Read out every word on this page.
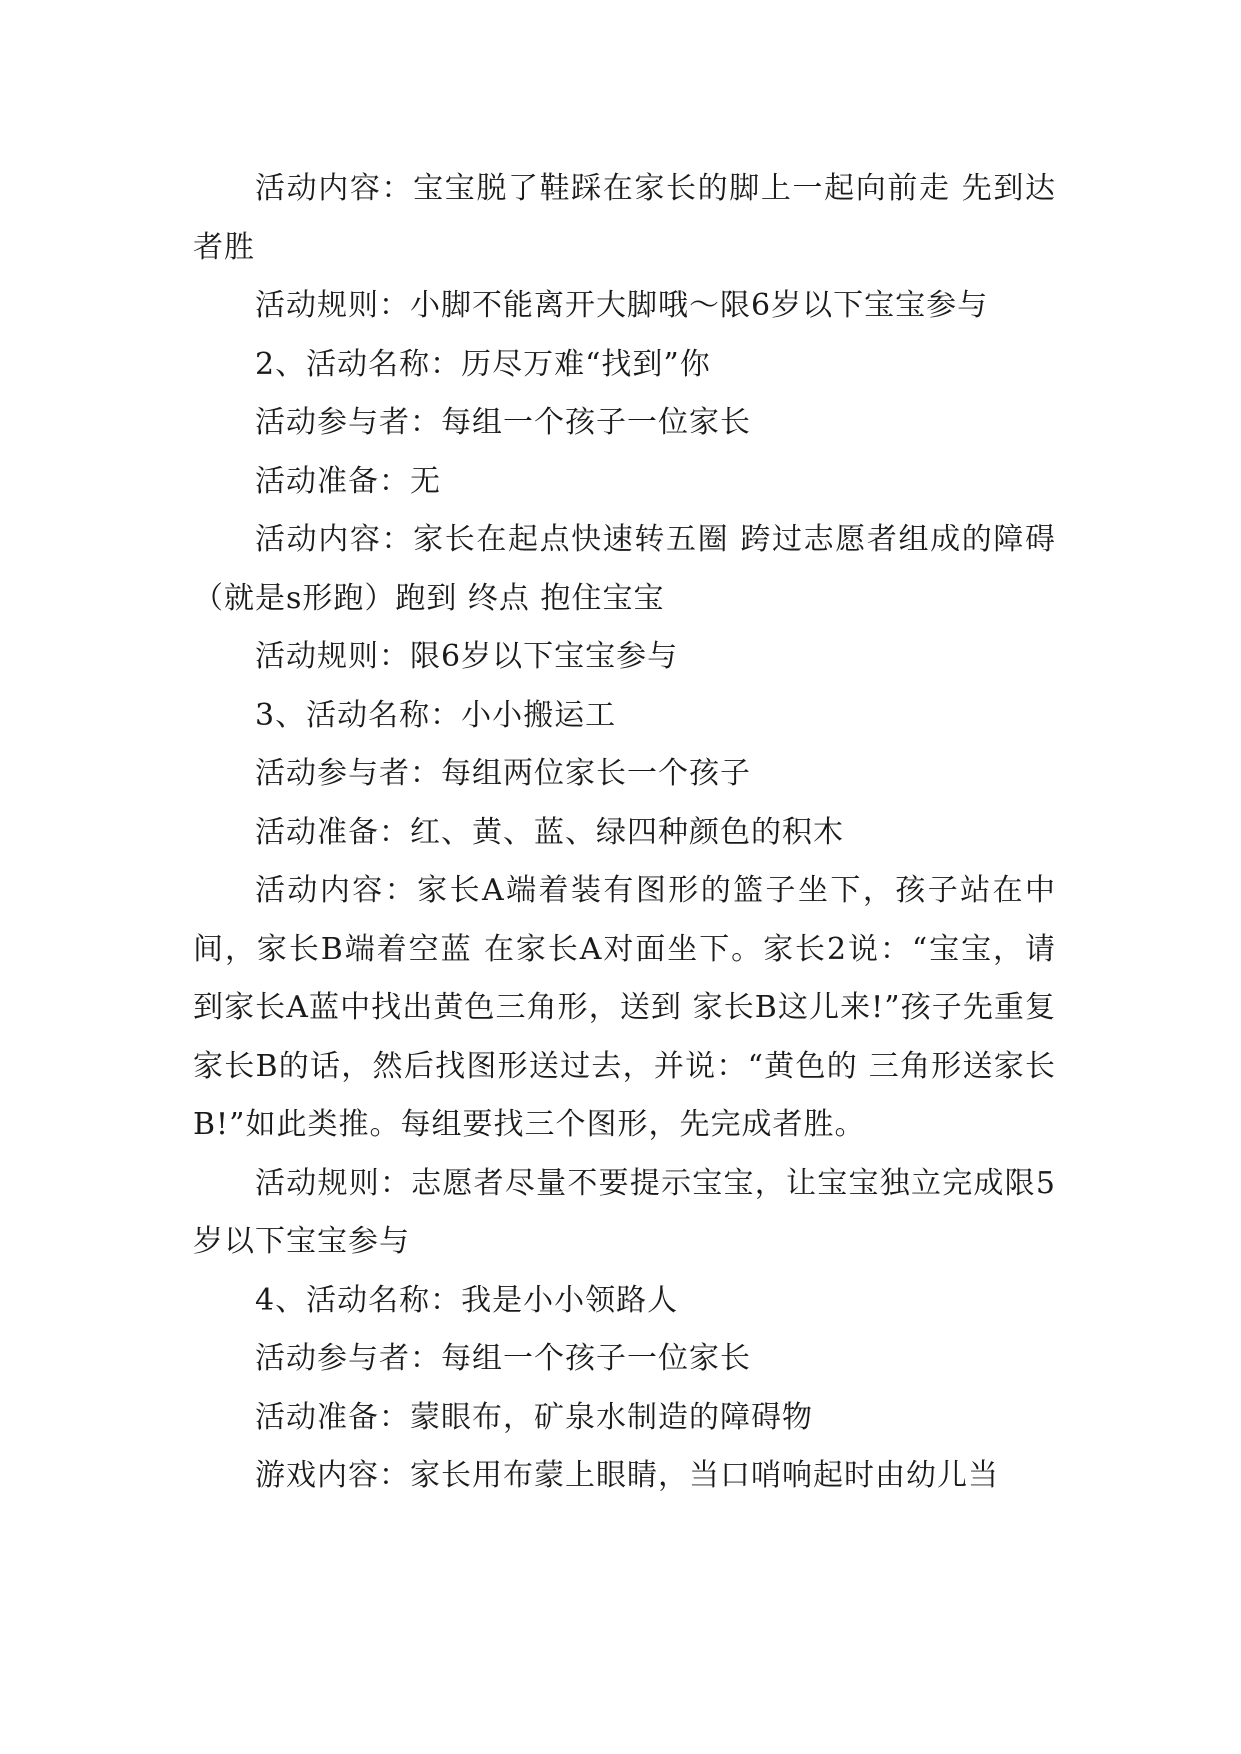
活动内容：宝宝脱了鞋踩在家长的脚上一起向前走 先到达者胜

活动规则：小脚不能离开大脚哦～限6岁以下宝宝参与

2、活动名称：历尽万难“找到”你

活动参与者：每组一个孩子一位家长

活动准备：无

活动内容：家长在起点快速转五圈 跨过志愿者组成的障碍（就是s形跑）跑到 终点 抱住宝宝

活动规则：限6岁以下宝宝参与

3、活动名称：小小搬运工

活动参与者：每组两位家长一个孩子

活动准备：红、黄、蓝、绿四种颜色的积木

活动内容：家长A端着装有图形的篮子坐下，孩子站在中间，家长B端着空蓝 在家长A对面坐下。家长2说：“宝宝，请到家长A蓝中找出黄色三角形，送到 家长B这儿来!”孩子先重复家长B的话，然后找图形送过去，并说：“黄色的 三角形送家长B!”如此类推。每组要找三个图形，先完成者胜。

活动规则：志愿者尽量不要提示宝宝，让宝宝独立完成限5岁以下宝宝参与

4、活动名称：我是小小领路人

活动参与者：每组一个孩子一位家长

活动准备：蒙眼布，矿泉水制造的障碍物

游戏内容：家长用布蒙上眼睛，当口哨响起时由幼儿当
